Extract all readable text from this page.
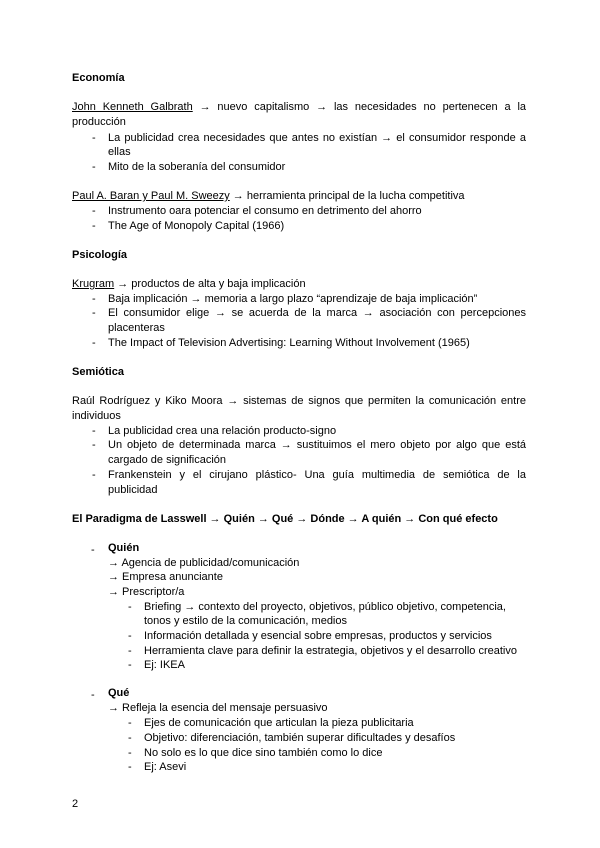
Economía
John Kenneth Galbrath → nuevo capitalismo → las necesidades no pertenecen a la
producción
- La publicidad crea necesidades que antes no existían → el consumidor responde a
ellas
- Mito de la soberanía del consumidor
Paul A. Baran y Paul M. Sweezy → herramienta principal de la lucha competitiva
- Instrumento oara potenciar el consumo en detrimento del ahorro
- The Age of Monopoly Capital (1966)
Psicología
Krugram → productos de alta y baja implicación
- Baja implicación → memoria a largo plazo “aprendizaje de baja implicación”
- El consumidor elige → se acuerda de la marca → asociación con percepciones
placenteras
- The Impact of Television Advertising: Learning Without Involvement (1965)
Semiótica
Raúl Rodríguez y Kiko Moora → sistemas de signos que permiten la comunicación entre
individuos
- La publicidad crea una relación producto-signo
- Un objeto de determinada marca → sustituimos el mero objeto por algo que está
cargado de significación
- Frankenstein y el cirujano plástico- Una guía multimedia de semiótica de la
publicidad
El Paradigma de Lasswell → Quién → Qué → Dónde → A quién → Con qué efecto
- Quién
→ Agencia de publicidad/comunicación
→ Empresa anunciante
→ Prescriptor/a
- Briefing → contexto del proyecto, objetivos, público objetivo, competencia,
tonos y estilo de la comunicación, medios
- Información detallada y esencial sobre empresas, productos y servicios
- Herramienta clave para definir la estrategia, objetivos y el desarrollo creativo
- Ej: IKEA
- Qué
→ Refleja la esencia del mensaje persuasivo
- Ejes de comunicación que articulan la pieza publicitaria
- Objetivo: diferenciación, también superar dificultades y desafíos
- No solo es lo que dice sino también como lo dice
- Ej: Asevi
2
